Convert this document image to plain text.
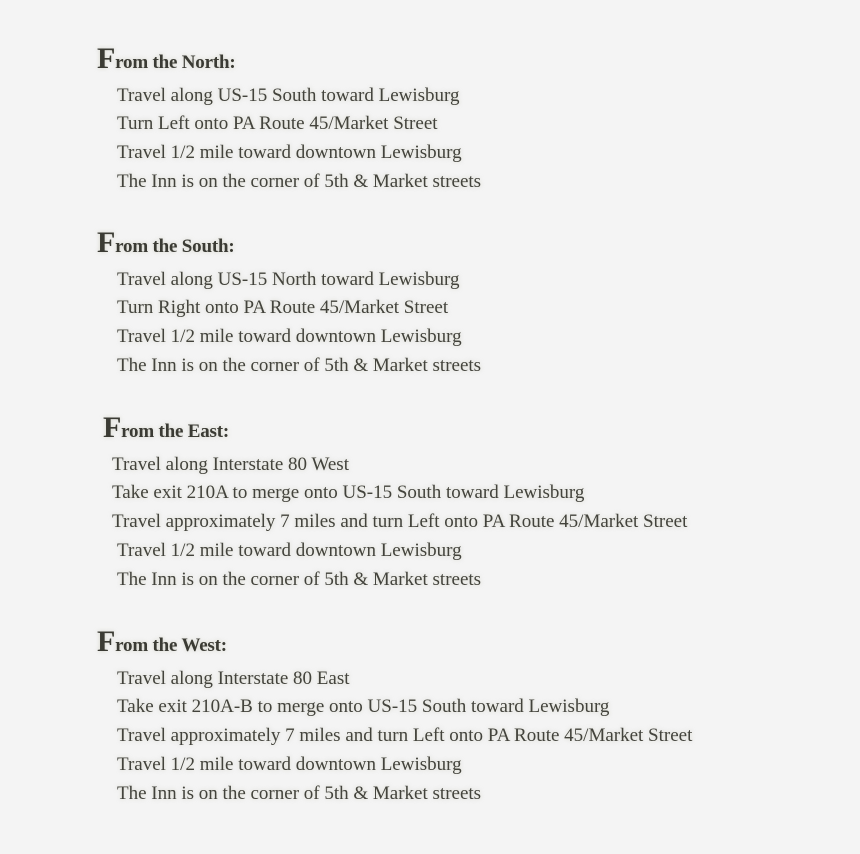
From the North:
Travel along US-15 South toward Lewisburg
Turn Left onto PA Route 45/Market Street
Travel 1/2 mile toward downtown Lewisburg
The Inn is on the corner of 5th & Market streets
From the South:
Travel along US-15 North toward Lewisburg
Turn Right onto PA Route 45/Market Street
Travel 1/2 mile toward downtown Lewisburg
The Inn is on the corner of 5th & Market streets
From the East:
Travel along Interstate 80 West
Take exit 210A to merge onto US-15 South toward Lewisburg
Travel approximately 7 miles and turn Left onto PA Route 45/Market Street
Travel 1/2 mile toward downtown Lewisburg
The Inn is on the corner of 5th & Market streets
From the West:
Travel along Interstate 80 East
Take exit 210A-B to merge onto US-15 South toward Lewisburg
Travel approximately 7 miles and turn Left onto PA Route 45/Market Street
Travel 1/2 mile toward downtown Lewisburg
The Inn is on the corner of 5th & Market streets
